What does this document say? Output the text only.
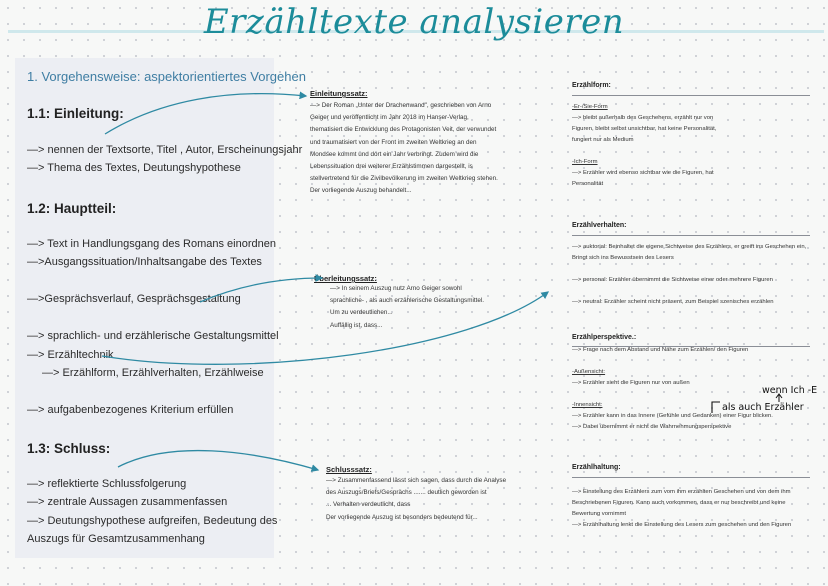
Erzähltexte analysieren
1. Vorgehensweise: aspektorientiertes Vorgehen
1.1: Einleitung:
—> nennen der Textsorte, Titel , Autor, Erscheinungsjahr
—> Thema des Textes, Deutungshypothese
1.2: Hauptteil:
—> Text in Handlungsgang des Romans einordnen
—>Ausgangssituation/Inhaltsangabe des Textes
—>Gesprächsverlauf, Gesprächsgestaltung
—> sprachlich- und erzählerische Gestaltungsmittel
—> Erzähltechnik
—> Erzählform, Erzählverhalten, Erzählweise
—> aufgabenbezogenes Kriterium erfüllen
1.3: Schluss:
—> reflektierte Schlussfolgerung
—> zentrale Aussagen zusammenfassen
—> Deutungshypothese aufgreifen, Bedeutung des
Auszugs für Gesamtzusammenhang
Einleitungssatz:
—> Der Roman „Unter der Drachenwand", geschrieben von Arno
Geiger und veröffentlicht im Jahr 2018 im Hanser-Verlag,
thematisiert die Entwicklung des Protagonisten Veit, der verwundet
und traumatisiert von der Front im zweiten Weltkrieg an den
Mondsee kommt und dort ein Jahr verbringt. Zudem wird die
Lebenssituation drei weiterer Erzählstimmen dargestellt, is
stellvertretend für die Zivilbevölkerung im zweiten Weltkrieg stehen.
Der vorliegende Auszug behandelt...
Überleitungssatz:
—> In seinem Auszug nutz Arno Geiger sowohl
sprachliche- , als auch erzählerische Gestaltungsmittel.
Um zu verdeutlichen...
Auffällig ist, dass...
Schlusssatz:
—> Zusammenfassend lässt sich sagen, dass durch die Analyse
des Auszugs/Briefs/Gesprächs ....... deutlich geworden ist
... Verhalten verdeutlicht, dass
Der vorliegende Auszug ist besonders bedeutend für...
Erzählform:
-Er-/Sie-Form
—> bleibt außerhalb des Geschehens, erzählt nur von
Figuren, bleibt selbst unsichtbar, hat keine Personalität,
fungiert nur als Medium

-Ich-Form
—> Erzähler wird ebenso sichtbar wie die Figuren, hat
Personalität
Erzählverhalten:
—> auktorial: Beinhaltet die eigene Sichtweise des Erzählers, er greift ins Geschehen ein,
Bringt sich ins Bewusstsein des Lesers

—> personal: Erzähler übernimmt die Sichtweise einer oder mehrere Figuren

—> neutral: Erzähler scheint nicht präsent, zum Beispiel szenisches erzählen
Erzählperspektive.:
—> Frage nach dem Abstand und Nähe zum Erzählen/ den Figuren

-Außensicht:
—> Erzähler sieht die Figuren nur von außen

-Innensicht:
—> Erzähler kann in das Innere (Gefühle und Gedanken) einer Figur blicken.
—> Dabei übernimmt er nicht die Wahrnehmungsperspektive
Erzählhaltung:
—> Einstellung des Erzählers zum vom ihm erzählten Geschehen und von dem ihm
Beschriebenen Figuren. Kann auch vorkommen, dass er nur beschreibt und keine
Bewertung vornimmt
—> Erzählhaltung lenkt die Einstellung des Lesers zum geschehen und den Figuren
wenn Ich -E
als auch Erzähler
